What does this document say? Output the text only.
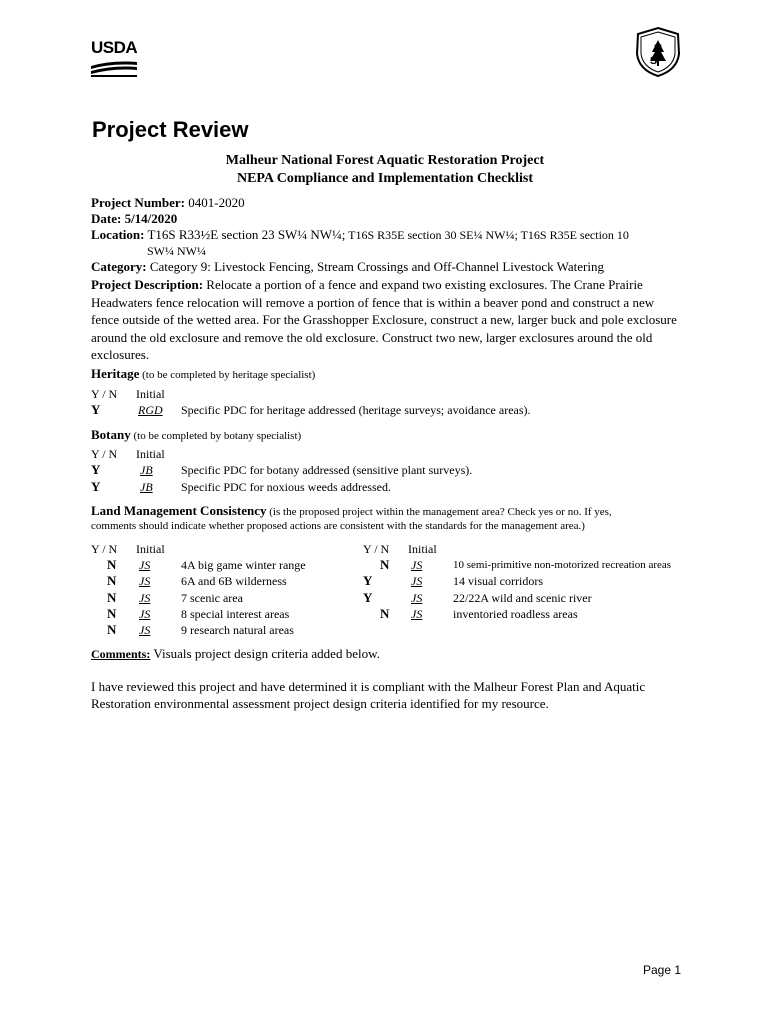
USDA	U S
Project Review
Malheur National Forest Aquatic Restoration Project
NEPA Compliance and Implementation Checklist
Project Number: 0401-2020
Date: 5/14/2020
Location: T16S R33½E section 23 SW¼ NW¼; T16S R35E section 30 SE¼ NW¼; T16S R35E section 10
SW¼ NW¼
Category: Category 9: Livestock Fencing, Stream Crossings and Off-Channel Livestock Watering
Project Description: Relocate a portion of a fence and expand two existing exclosures. The Crane Prairie Headwaters fence relocation will remove a portion of fence that is within a beaver pond and construct a new fence outside of the wetted area. For the Grasshopper Exclosure, construct a new, larger buck and pole exclosure around the old exclosure and remove the old exclosure. Construct two new, larger exclosures around the old exclosures.
Heritage (to be completed by heritage specialist)
Y / N Initial
Y	RGD Specific PDC for heritage addressed (heritage surveys; avoidance areas).
Botany (to be completed by botany specialist)
Y / N Initial
Y	JB Specific PDC for botany addressed (sensitive plant surveys).
Y	JB Specific PDC for noxious weeds addressed.
Land Management Consistency (is the proposed project within the management area? Check yes or no. If yes,
comments should indicate whether proposed actions are consistent with the standards for the management area.)
Y / N Initial	Y / N Initial
N JS	4A big game winter range
N JS	6A and 6B wilderness
N JS	7 scenic area
N JS	8 special interest areas
N JS	9 research natural areas
N JS	10 semi-primitive non-motorized recreation areas
Y	JS	14 visual corridors
Y	JS	22/22A wild and scenic river
N JS	inventoried roadless areas
Comments: Visuals project design criteria added below.
I have reviewed this project and have determined it is compliant with the Malheur Forest Plan and Aquatic Restoration environmental assessment project design criteria identified for my resource.
Page 1
